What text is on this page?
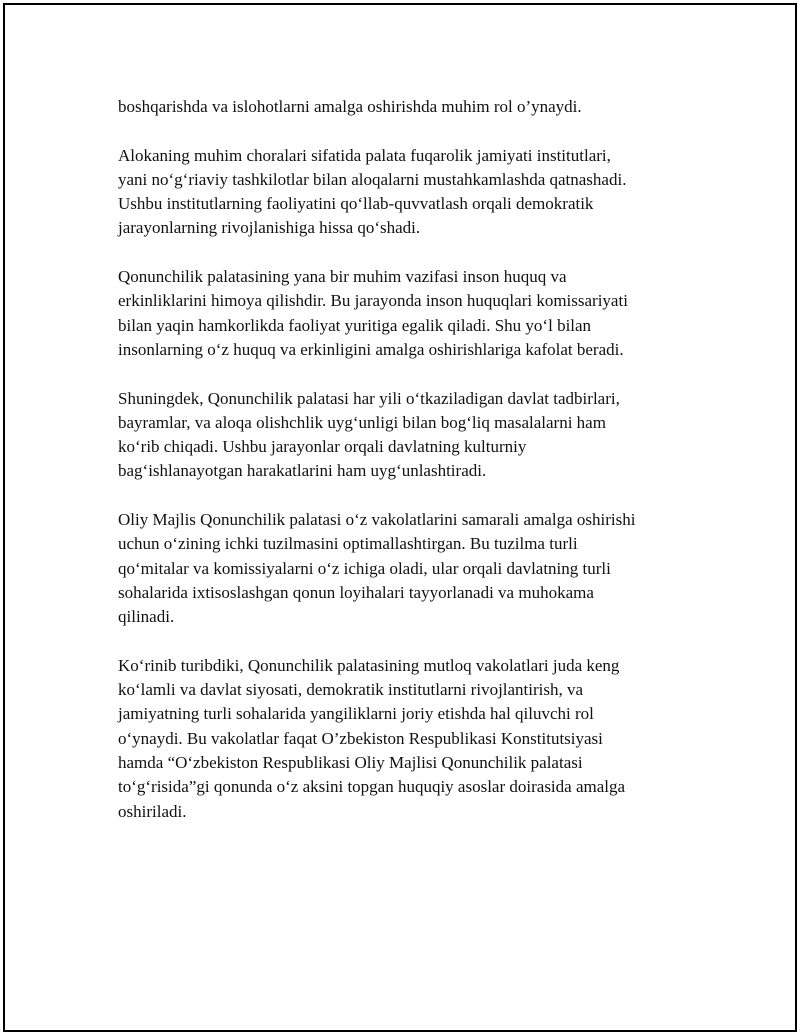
boshqarishda va islohotlarni amalga oshirishda muhim rol o’ynaydi.

Alokaning muhim choralari sifatida palata fuqarolik jamiyati institutlari,
yani no‘g‘riaviy tashkilotlar bilan aloqalarni mustahkamlashda qatnashadi.
Ushbu institutlarning faoliyatini qo‘llab-quvvatlash orqali demokratik
jarayonlarning rivojlanishiga hissa qo‘shadi.

Qonunchilik palatasining yana bir muhim vazifasi inson huquq va
erkinliklarini himoya qilishdir. Bu jarayonda inson huquqlari komissariyati
bilan yaqin hamkorlikda faoliyat yuritiga egalik qiladi. Shu yo‘l bilan
insonlarning o‘z huquq va erkinligini amalga oshirishlariga kafolat beradi.

Shuningdek, Qonunchilik palatasi har yili o‘tkaziladigan davlat tadbirlari,
bayramlar, va aloqa olishchlik uyg‘unligi bilan bog‘liq masalalarni ham
ko‘rib chiqadi. Ushbu jarayonlar orqali davlatning kulturniy
bag‘ishlanayotgan harakatlarini ham uyg‘unlashtiradi.

Oliy Majlis Qonunchilik palatasi o‘z vakolatlarini samarali amalga oshirishi
uchun o‘zining ichki tuzilmasini optimallashtirgan. Bu tuzilma turli
qo‘mitalar va komissiyalarni o‘z ichiga oladi, ular orqali davlatning turli
sohalarida ixtisoslashgan qonun loyihalari tayyorlanadi va muhokama
qilinadi.

Ko‘rinib turibdiki, Qonunchilik palatasining mutloq vakolatlari juda keng
ko‘lamli va davlat siyosati, demokratik institutlarni rivojlantirish, va
jamiyatning turli sohalarida yangiliklarni joriy etishda hal qiluvchi rol
o‘ynaydi. Bu vakolatlar faqat O’zbekiston Respublikasi Konstitutsiyasi
hamda “O‘zbekiston Respublikasi Oliy Majlisi Qonunchilik palatasi
to‘g‘risida”gi qonunda o‘z aksini topgan huquqiy asoslar doirasida amalga
oshiriladi.
